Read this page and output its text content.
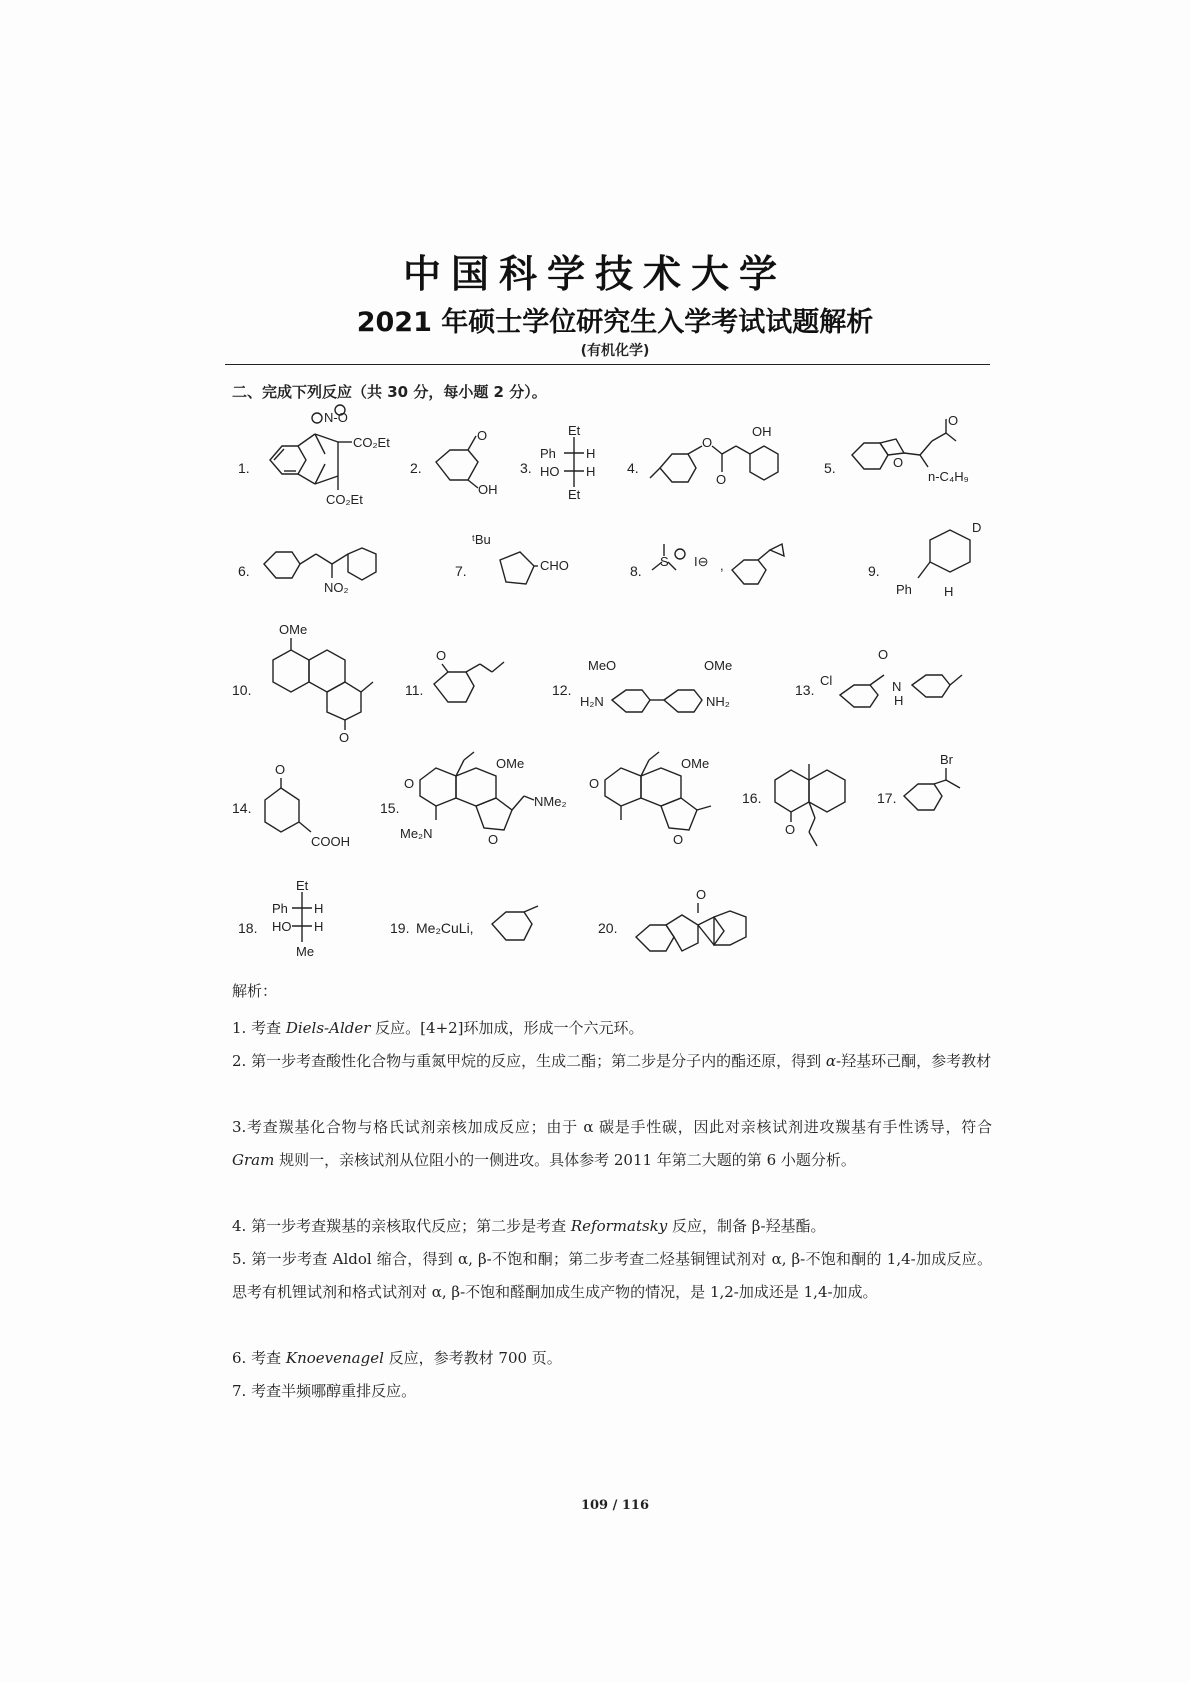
中国科学技术大学
2021 年硕士学位研究生入学考试试题解析
(有机化学)
二、完成下列反应（共 30 分，每小题 2 分）。
1.
N-O
CO₂Et
CO₂Et
2.
O
OH
3.
Et
Ph H
HO H
Et
4.
O
O
OH
5.	O
O
n-C₄H₉
6.
NO₂
7.
ᵗBu
CHO	8.
S I⊖ ,	9.
D
Ph H
10.
OMe
O
11.
O
12.
MeO
H₂N
OMe
NH₂
13.
Cl
O
N
H
14.
O
COOH
15.
O
OMe
O
NMe₂
Me₂N
O
OMe
O
16.
O
17.
Br
18.
Et
Ph H
HO H
Me
19. Me₂CuLi,	20.
O
解析：
1. 考查 Diels-Alder 反应。[4+2]环加成，形成一个六元环。
2. 第一步考查酸性化合物与重氮甲烷的反应，生成二酯；第二步是分子内的酯还原，得到 α-羟基环己酮，参考教材
3.考查羰基化合物与格氏试剂亲核加成反应；由于 α 碳是手性碳，因此对亲核试剂进攻羰基有手性诱导，符合 Gram 规则一，亲核试剂从位阻小的一侧进攻。具体参考 2011 年第二大题的第 6 小题分析。
4. 第一步考查羰基的亲核取代反应；第二步是考查 Reformatsky 反应，制备 β-羟基酯。
5. 第一步考查 Aldol 缩合，得到 α, β-不饱和酮；第二步考查二烃基铜锂试剂对 α, β-不饱和酮的 1,4-加成反应。思考有机锂试剂和格式试剂对 α, β-不饱和醛酮加成生成产物的情况，是 1,2-加成还是 1,4-加成。
6. 考查 Knoevenagel 反应，参考教材 700 页。
7. 考查半频哪醇重排反应。
109 / 116
